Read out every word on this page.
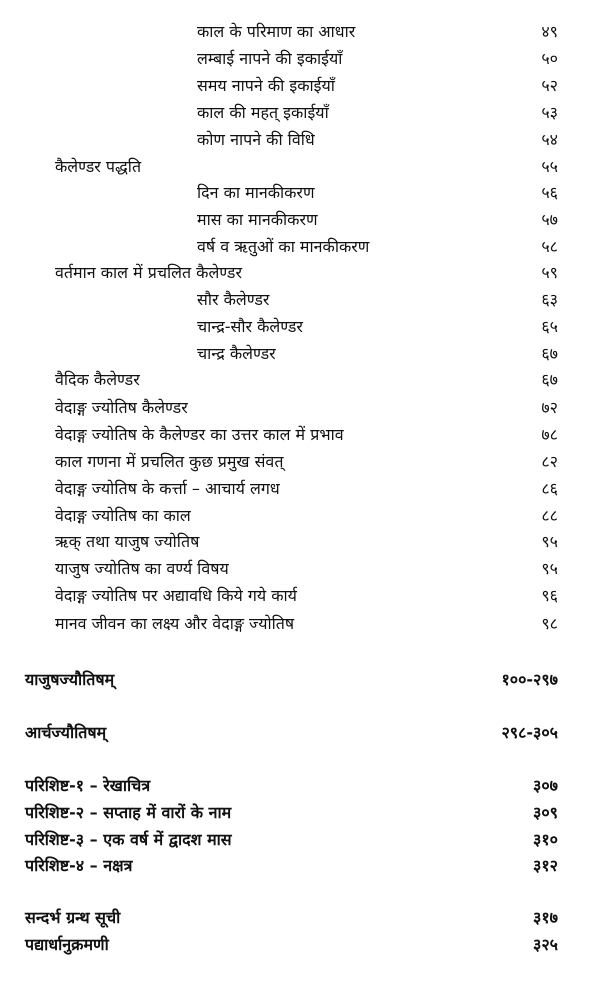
काल के परिमाण का आधार	४९
लम्बाई नापने की इकाईयाँ	५०
समय नापने की इकाईयाँ	५२
काल की महत् इकाईयाँ	५३
कोण नापने की विधि	५४
कैलेण्डर पद्धति	५५
दिन का मानकीकरण	५६
मास का मानकीकरण	५७
वर्ष व ऋतुओं का मानकीकरण	५८
वर्तमान काल में प्रचलित कैलेण्डर	५९
सौर कैलेण्डर	६३
चान्द्र-सौर कैलेण्डर	६५
चान्द्र कैलेण्डर	६७
वैदिक कैलेण्डर	६७
वेदाङ्ग ज्योतिष कैलेण्डर	७२
वेदाङ्ग ज्योतिष के कैलेण्डर का उत्तर काल में प्रभाव	७८
काल गणना में प्रचलित कुछ प्रमुख संवत्	८२
वेदाङ्ग ज्योतिष के कर्त्ता – आचार्य लगध	८६
वेदाङ्ग ज्योतिष का काल	८८
ऋक् तथा याजुष ज्योतिष	९५
याजुष ज्योतिष का वर्ण्य विषय	९५
वेदाङ्ग ज्योतिष पर अद्यावधि किये गये कार्य	९६
मानव जीवन का लक्ष्य और वेदाङ्ग ज्योतिष	९८
याजुषज्यौतिषम्	१००-२९७
आर्चज्यौतिषम्	२९८-३०५
परिशिष्ट-१ – रेखाचित्र	३०७
परिशिष्ट-२ – सप्ताह में वारों के नाम	३०९
परिशिष्ट-३ – एक वर्ष में द्वादश मास	३१०
परिशिष्ट-४ – नक्षत्र	३१२
सन्दर्भ ग्रन्थ सूची	३१७
पद्यार्धानुक्रमणी	३२५
